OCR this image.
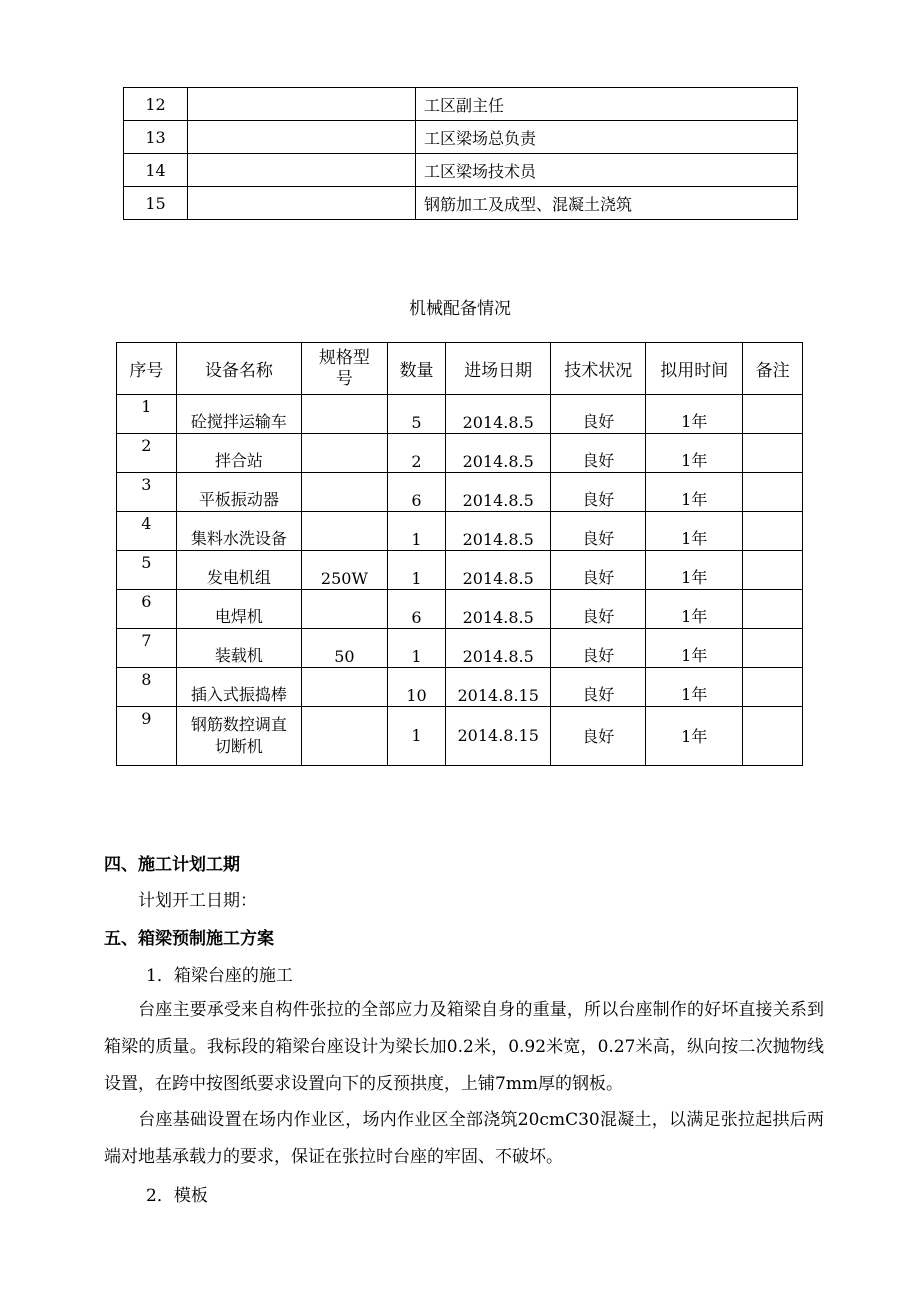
12		工区副主任
13		工区梁场总负责
14		工区梁场技术员
15		钢筋加工及成型、混凝土浇筑
机械配备情况
序号	设备名称	规格型号	数量	进场日期	技术状况	拟用时间	备注
1	砼搅拌运输车		5	2014.8.5	良好	1年	
2	拌合站		2	2014.8.5	良好	1年	
3	平板振动器		6	2014.8.5	良好	1年	
4	集料水洗设备		1	2014.8.5	良好	1年	
5	发电机组	250W	1	2014.8.5	良好	1年	
6	电焊机		6	2014.8.5	良好	1年	
7	装载机	50	1	2014.8.5	良好	1年	
8	插入式振捣棒		10	2014.8.15	良好	1年	
9	钢筋数控调直切断机		1	2014.8.15	良好	1年	
四、施工计划工期
计划开工日期：
五、箱梁预制施工方案
1．箱梁台座的施工
台座主要承受来自构件张拉的全部应力及箱梁自身的重量，所以台座制作的好坏直接关系到箱梁的质量。我标段的箱梁台座设计为梁长加0.2米，0.92米宽，0.27米高，纵向按二次抛物线设置，在跨中按图纸要求设置向下的反预拱度，上铺7mm厚的钢板。
台座基础设置在场内作业区，场内作业区全部浇筑20cmC30混凝土，以满足张拉起拱后两端对地基承载力的要求，保证在张拉时台座的牢固、不破坏。
2．模板
